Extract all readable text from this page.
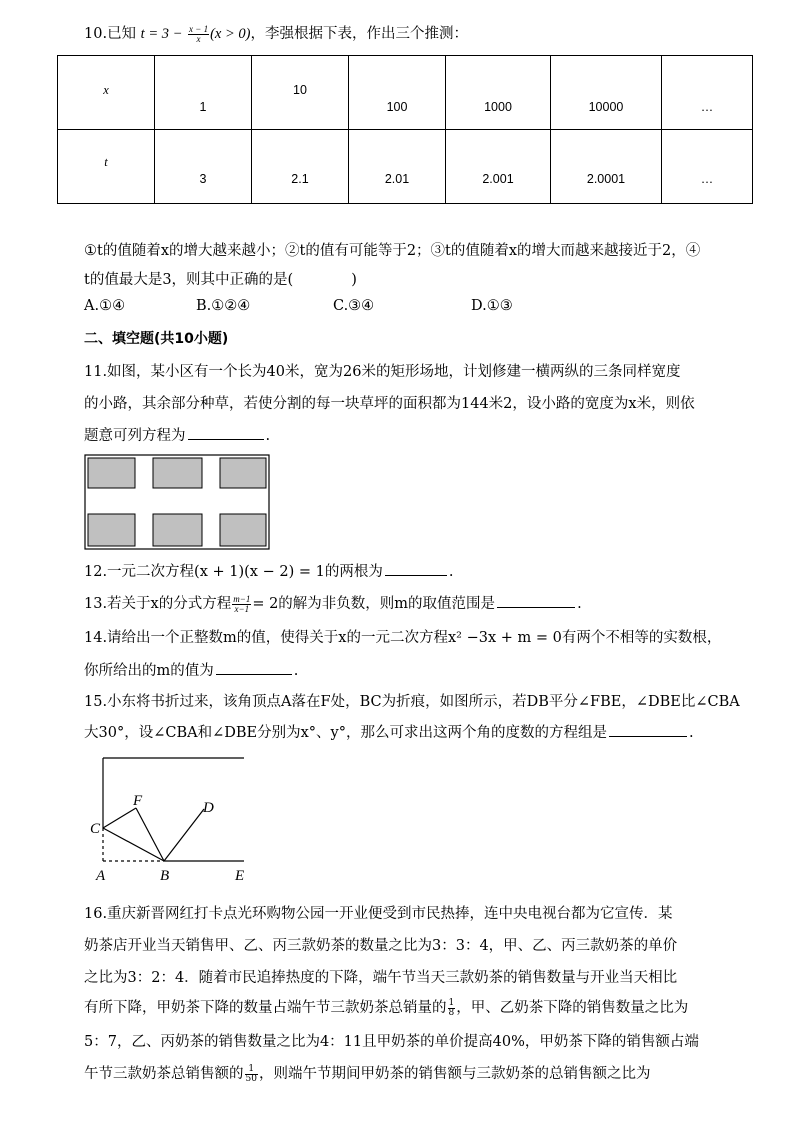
10.已知 $t = 3 - \frac{x - 1}{x} (x > 0)$，李强根据下表，作出三个推测：
x	1	10	100	1000	10000	…

t	3	2.1	2.01	2.001	2.0001	…
①t的值随着x的增大越来越小；②t的值有可能等于2；③t的值随着x的增大而越来越接近于2，④
t的值最大是3，则其中正确的是(　　　　)
A.①④	B.①②④	C.③④	D.①③
二、填空题(共10小题)
11.如图，某小区有一个长为40米，宽为26米的矩形场地，计划修建一横两纵的三条同样宽度
的小路，其余部分种草，若使分割的每一块草坪的面积都为144米2，设小路的宽度为x米，则依
题意可列方程为	.
12.一元二次方程(x + 1)(x − 2) = 1的两根为	.
13.若关于x的分式方程 $\frac{m-1}{x-1} = 2$的解为非负数，则m的取值范围是	.
14.请给出一个正整数m的值，使得关于x的一元二次方程x² −3x + m = 0有两个不相等的实数根，
你所给出的m的值为	.
15.小东将书折过来，该角顶点A落在F处，BC为折痕，如图所示，若DB平分∠FBE，∠DBE比∠CBA
大30°，设∠CBA和∠DBE分别为x°、y°，那么可求出这两个角的度数的方程组是	.
C
F	D
A	B	E
16.重庆新晋网红打卡点光环购物公园一开业便受到市民热捧，连中央电视台都为它宣传．某
奶茶店开业当天销售甲、乙、丙三款奶茶的数量之比为3：3：4，甲、乙、丙三款奶茶的单价
之比为3：2：4．随着市民追捧热度的下降，端午节当天三款奶茶的销售数量与开业当天相比
有所下降，甲奶茶下降的数量占端午节三款奶茶总销量的 $\frac{1}{8}$ ，甲、乙奶茶下降的销售数量之比为
5：7，乙、丙奶茶的销售数量之比为4：11且甲奶茶的单价提高40%，甲奶茶下降的销售额占端
午节三款奶茶总销售额的 $\frac{1}{50}$ ，则端午节期间甲奶茶的销售额与三款奶茶的总销售额之比为
